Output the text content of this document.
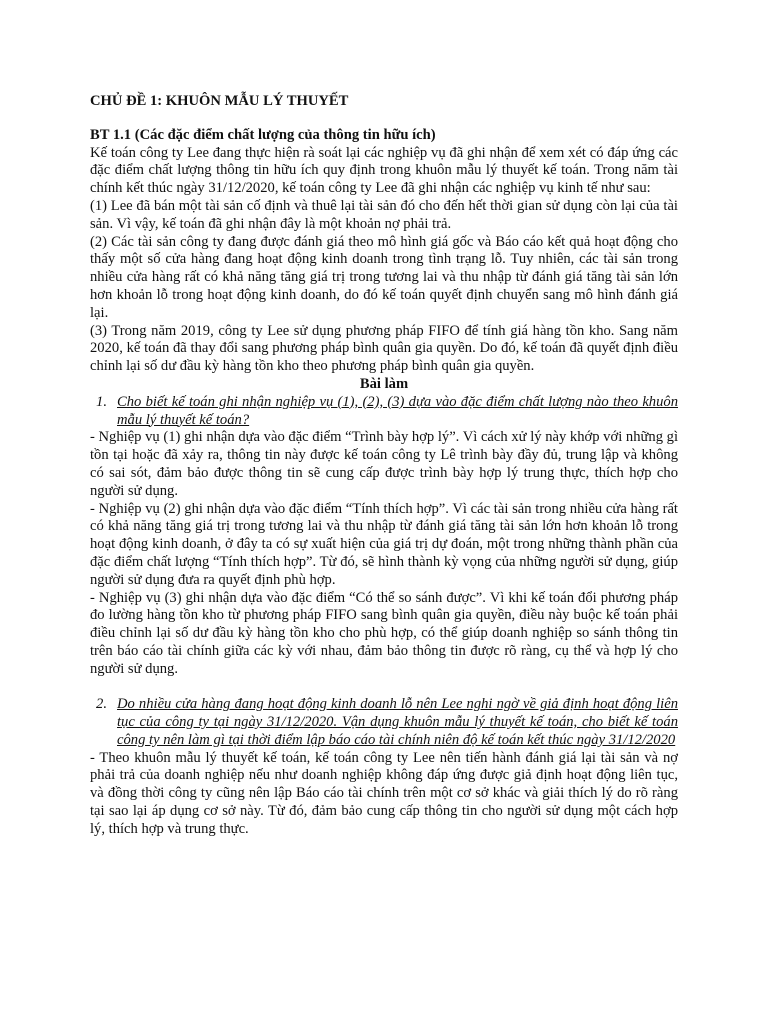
CHỦ ĐỀ 1: KHUÔN MẪU LÝ THUYẾT

BT 1.1 (Các đặc điểm chất lượng của thông tin hữu ích)

Kế toán công ty Lee đang thực hiện rà soát lại các nghiệp vụ đã ghi nhận để xem xét có đáp ứng các đặc điểm chất lượng thông tin hữu ích quy định trong khuôn mẫu lý thuyết kế toán. Trong năm tài chính kết thúc ngày 31/12/2020, kế toán công ty Lee đã ghi nhận các nghiệp vụ kinh tế như sau:

(1) Lee đã bán một tài sản cố định và thuê lại tài sản đó cho đến hết thời gian sử dụng còn lại của tài sản. Vì vậy, kế toán đã ghi nhận đây là một khoản nợ phải trả.

(2) Các tài sản công ty đang được đánh giá theo mô hình giá gốc và Báo cáo kết quả hoạt động cho thấy một số cửa hàng đang hoạt động kinh doanh trong tình trạng lỗ. Tuy nhiên, các tài sản trong nhiều cửa hàng rất có khả năng tăng giá trị trong tương lai và thu nhập từ đánh giá tăng tài sản lớn hơn khoản lỗ trong hoạt động kinh doanh, do đó kế toán quyết định chuyển sang mô hình đánh giá lại.

(3) Trong năm 2019, công ty Lee sử dụng phương pháp FIFO để tính giá hàng tồn kho. Sang năm 2020, kế toán đã thay đổi sang phương pháp bình quân gia quyền. Do đó, kế toán đã quyết định điều chỉnh lại số dư đầu kỳ hàng tồn kho theo phương pháp bình quân gia quyền.

Bài làm

1. Cho biết kế toán ghi nhận nghiệp vụ (1), (2), (3) dựa vào đặc điểm chất lượng nào theo khuôn mẫu lý thuyết kế toán?

- Nghiệp vụ (1) ghi nhận dựa vào đặc điểm “Trình bày hợp lý”. Vì cách xử lý này khớp với những gì tồn tại hoặc đã xảy ra, thông tin này được kế toán công ty Lê trình bày đầy đủ, trung lập và không có sai sót, đảm bảo được thông tin sẽ cung cấp được trình bày hợp lý trung thực, thích hợp cho người sử dụng.

- Nghiệp vụ (2) ghi nhận dựa vào đặc điểm “Tính thích hợp”. Vì các tài sản trong nhiều cửa hàng rất có khả năng tăng giá trị trong tương lai và thu nhập từ đánh giá tăng tài sản lớn hơn khoản lỗ trong hoạt động kinh doanh, ở đây ta có sự xuất hiện của giá trị dự đoán, một trong những thành phần của đặc điểm chất lượng “Tính thích hợp”. Từ đó, sẽ hình thành kỳ vọng của những người sử dụng, giúp người sử dụng đưa ra quyết định phù hợp.

- Nghiệp vụ (3) ghi nhận dựa vào đặc điểm “Có thể so sánh được”. Vì khi kế toán đổi phương pháp đo lường hàng tồn kho từ phương pháp FIFO sang bình quân gia quyền, điều này buộc kế toán phải điều chỉnh lại số dư đầu kỳ hàng tồn kho cho phù hợp, có thể giúp doanh nghiệp so sánh thông tin trên báo cáo tài chính giữa các kỳ với nhau, đảm bảo thông tin được rõ ràng, cụ thể và hợp lý cho người sử dụng.

2. Do nhiều cửa hàng đang hoạt động kinh doanh lỗ nên Lee nghi ngờ về giả định hoạt động liên tục của công ty tại ngày 31/12/2020. Vận dụng khuôn mẫu lý thuyết kế toán, cho biết kế toán công ty nên làm gì tại thời điểm lập báo cáo tài chính niên độ kế toán kết thúc ngày 31/12/2020

- Theo khuôn mẫu lý thuyết kế toán, kế toán công ty Lee nên tiến hành đánh giá lại tài sản và nợ phải trả của doanh nghiệp nếu như doanh nghiệp không đáp ứng được giả định hoạt động liên tục, và đồng thời công ty cũng nên lập Báo cáo tài chính trên một cơ sở khác và giải thích lý do rõ ràng tại sao lại áp dụng cơ sở này. Từ đó, đảm bảo cung cấp thông tin cho người sử dụng một cách hợp lý, thích hợp và trung thực.
